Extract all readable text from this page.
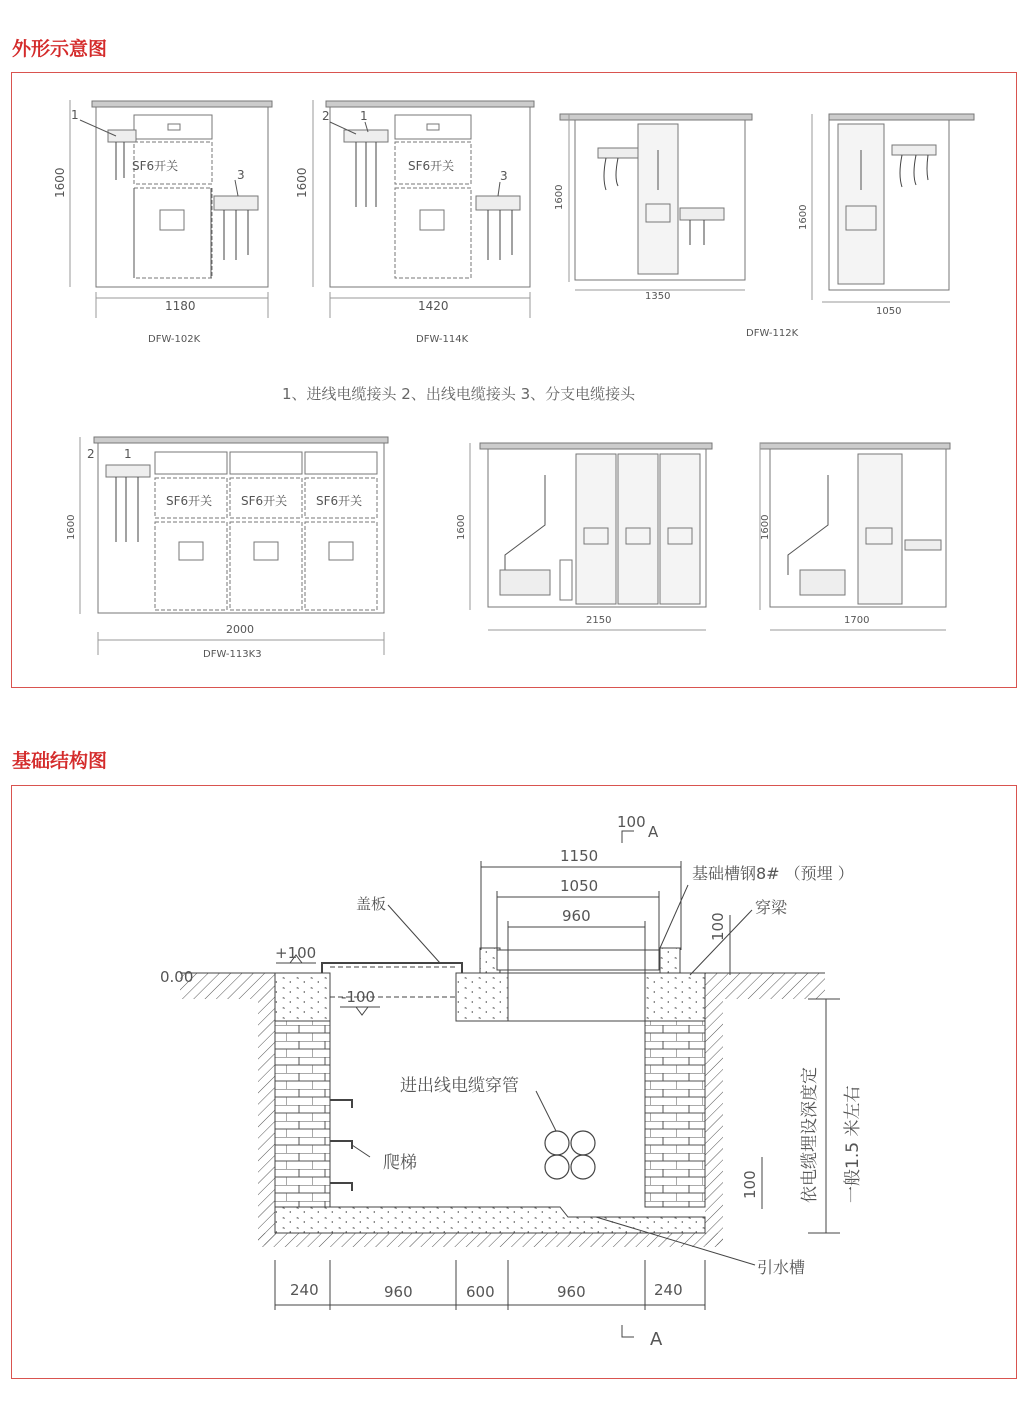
外形示意图
SF6开关	SF6开关
SF6开关 SF6开关 SF6开关
1
3
2	1
3
2 1
1180	1420
1350
1050
2000
2150	1700
1600	1600	1600
1600
1600	1600	1600
DFW-102K	DFW-114K
DFW-112K
DFW-113K3
1、进线电缆接头 2、出线电缆接头 3、分支电缆接头
基础结构图
100
A
1150
1050
960	100
0.00
+100
-100
盖板
基础槽钢8# （预埋 ）
穿梁
进出线电缆穿管
爬梯
引水槽
100 依电缆埋设深度定 一般1.5 米左右
240	960	600	960	240
A
